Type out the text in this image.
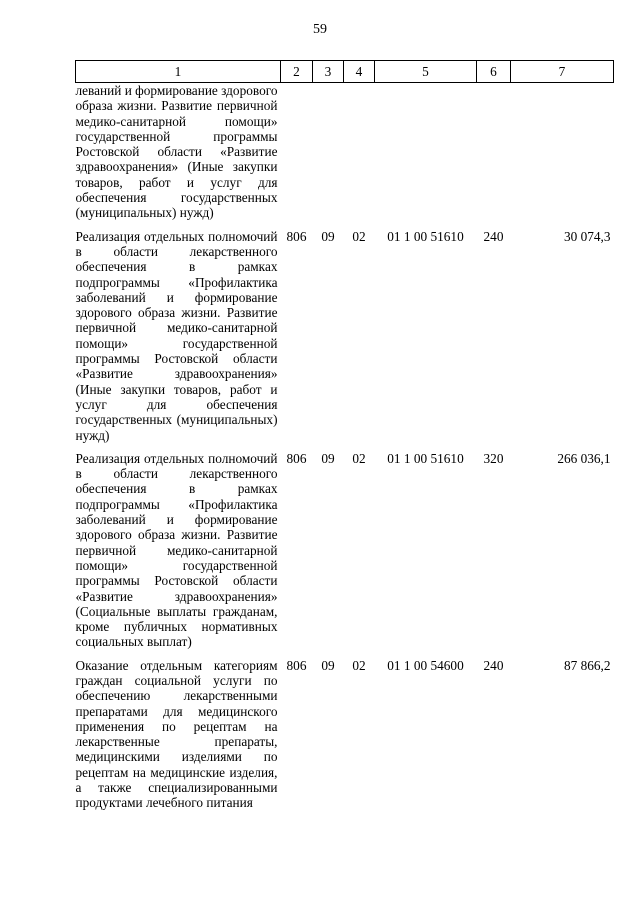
59
1	2	3	4	5	6	7
леваний и формирование здорового образа жизни. Развитие первичной медико-санитарной помощи» государственной программы Ростовской области «Развитие здравоохранения» (Иные закупки товаров, работ и услуг для обеспечения государственных (муниципальных) нужд)						

Реализация отдельных полномочий в области лекарственного обеспечения в рамках подпрограммы «Профилактика заболеваний и формирование здорового образа жизни. Развитие первичной медико-санитарной помощи» государственной программы Ростовской области «Развитие здравоохранения» (Иные закупки товаров, работ и услуг для обеспечения государственных (муниципальных) нужд)	806	09	02	01 1 00 51610	240	30 074,3

Реализация отдельных полномочий в области лекарственного обеспечения в рамках подпрограммы «Профилактика заболеваний и формирование здорового образа жизни. Развитие первичной медико-санитарной помощи» государственной программы Ростовской области «Развитие здравоохранения» (Социальные выплаты гражданам, кроме публичных нормативных социальных выплат)	806	09	02	01 1 00 51610	320	266 036,1

Оказание отдельным категориям граждан социальной услуги по обеспечению лекарственными препаратами для медицинского применения по рецептам на лекарственные препараты, медицинскими изделиями по рецептам на медицинские изделия, а также специализированными продуктами лечебного питания	806	09	02	01 1 00 54600	240	87 866,2
